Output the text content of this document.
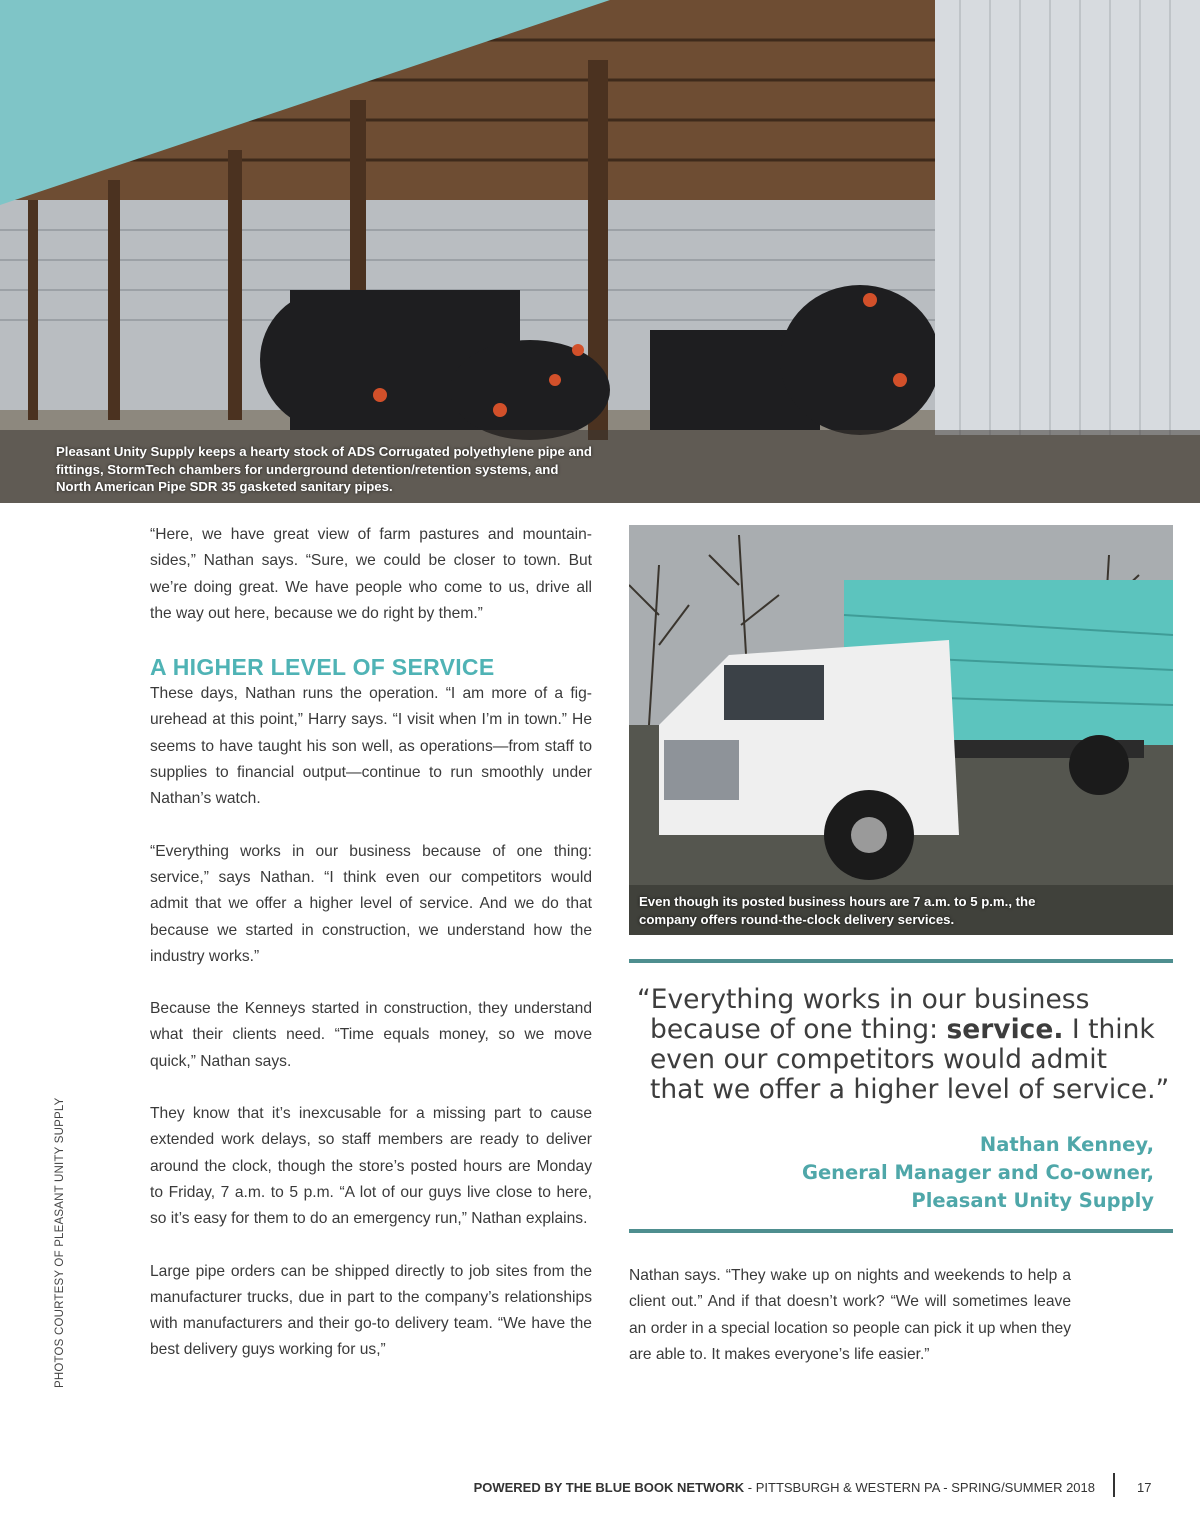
Pleasant Unity Supply keeps a hearty stock of ADS Corrugated polyethylene pipe and fittings, StormTech chambers for underground detention/retention systems, and North American Pipe SDR 35 gasketed sanitary pipes.

“Here, we have great view of farm pastures and mountain-sides,” Nathan says. “Sure, we could be closer to town. But we’re doing great. We have people who come to us, drive all the way out here, because we do right by them.”

A HIGHER LEVEL OF SERVICE

These days, Nathan runs the operation. “I am more of a fig-urehead at this point,” Harry says. “I visit when I’m in town.” He seems to have taught his son well, as operations—from staff to supplies to financial output—continue to run smoothly under Nathan’s watch.

“Everything works in our business because of one thing: service,” says Nathan. “I think even our competitors would admit that we offer a higher level of service. And we do that because we started in construction, we understand how the industry works.”

Because the Kenneys started in construction, they understand what their clients need. “Time equals money, so we move quick,” Nathan says.

They know that it’s inexcusable for a missing part to cause extended work delays, so staff members are ready to deliver around the clock, though the store’s posted hours are Monday to Friday, 7 a.m. to 5 p.m. “A lot of our guys live close to here, so it’s easy for them to do an emergency run,” Nathan explains.

Large pipe orders can be shipped directly to job sites from the manufacturer trucks, due in part to the company’s relationships with manufacturers and their go-to delivery team. “We have the best delivery guys working for us,”

Even though its posted business hours are 7 a.m. to 5 p.m., the company offers round-the-clock delivery services.
“Everything works in our business
because of one thing: service. I think
even our competitors would admit
that we offer a higher level of service.”
Nathan Kenney,
General Manager and Co-owner,
Pleasant Unity Supply

Nathan says. “They wake up on nights and weekends to help a client out.” And if that doesn’t work? “We will sometimes leave an order in a special location so people can pick it up when they are able to. It makes everyone’s life easier.”

PHOTOS COURTESY OF PLEASANT UNITY SUPPLY
POWERED BY THE BLUE BOOK NETWORK - PITTSBURGH & WESTERN PA - SPRING/SUMMER 2018	17
